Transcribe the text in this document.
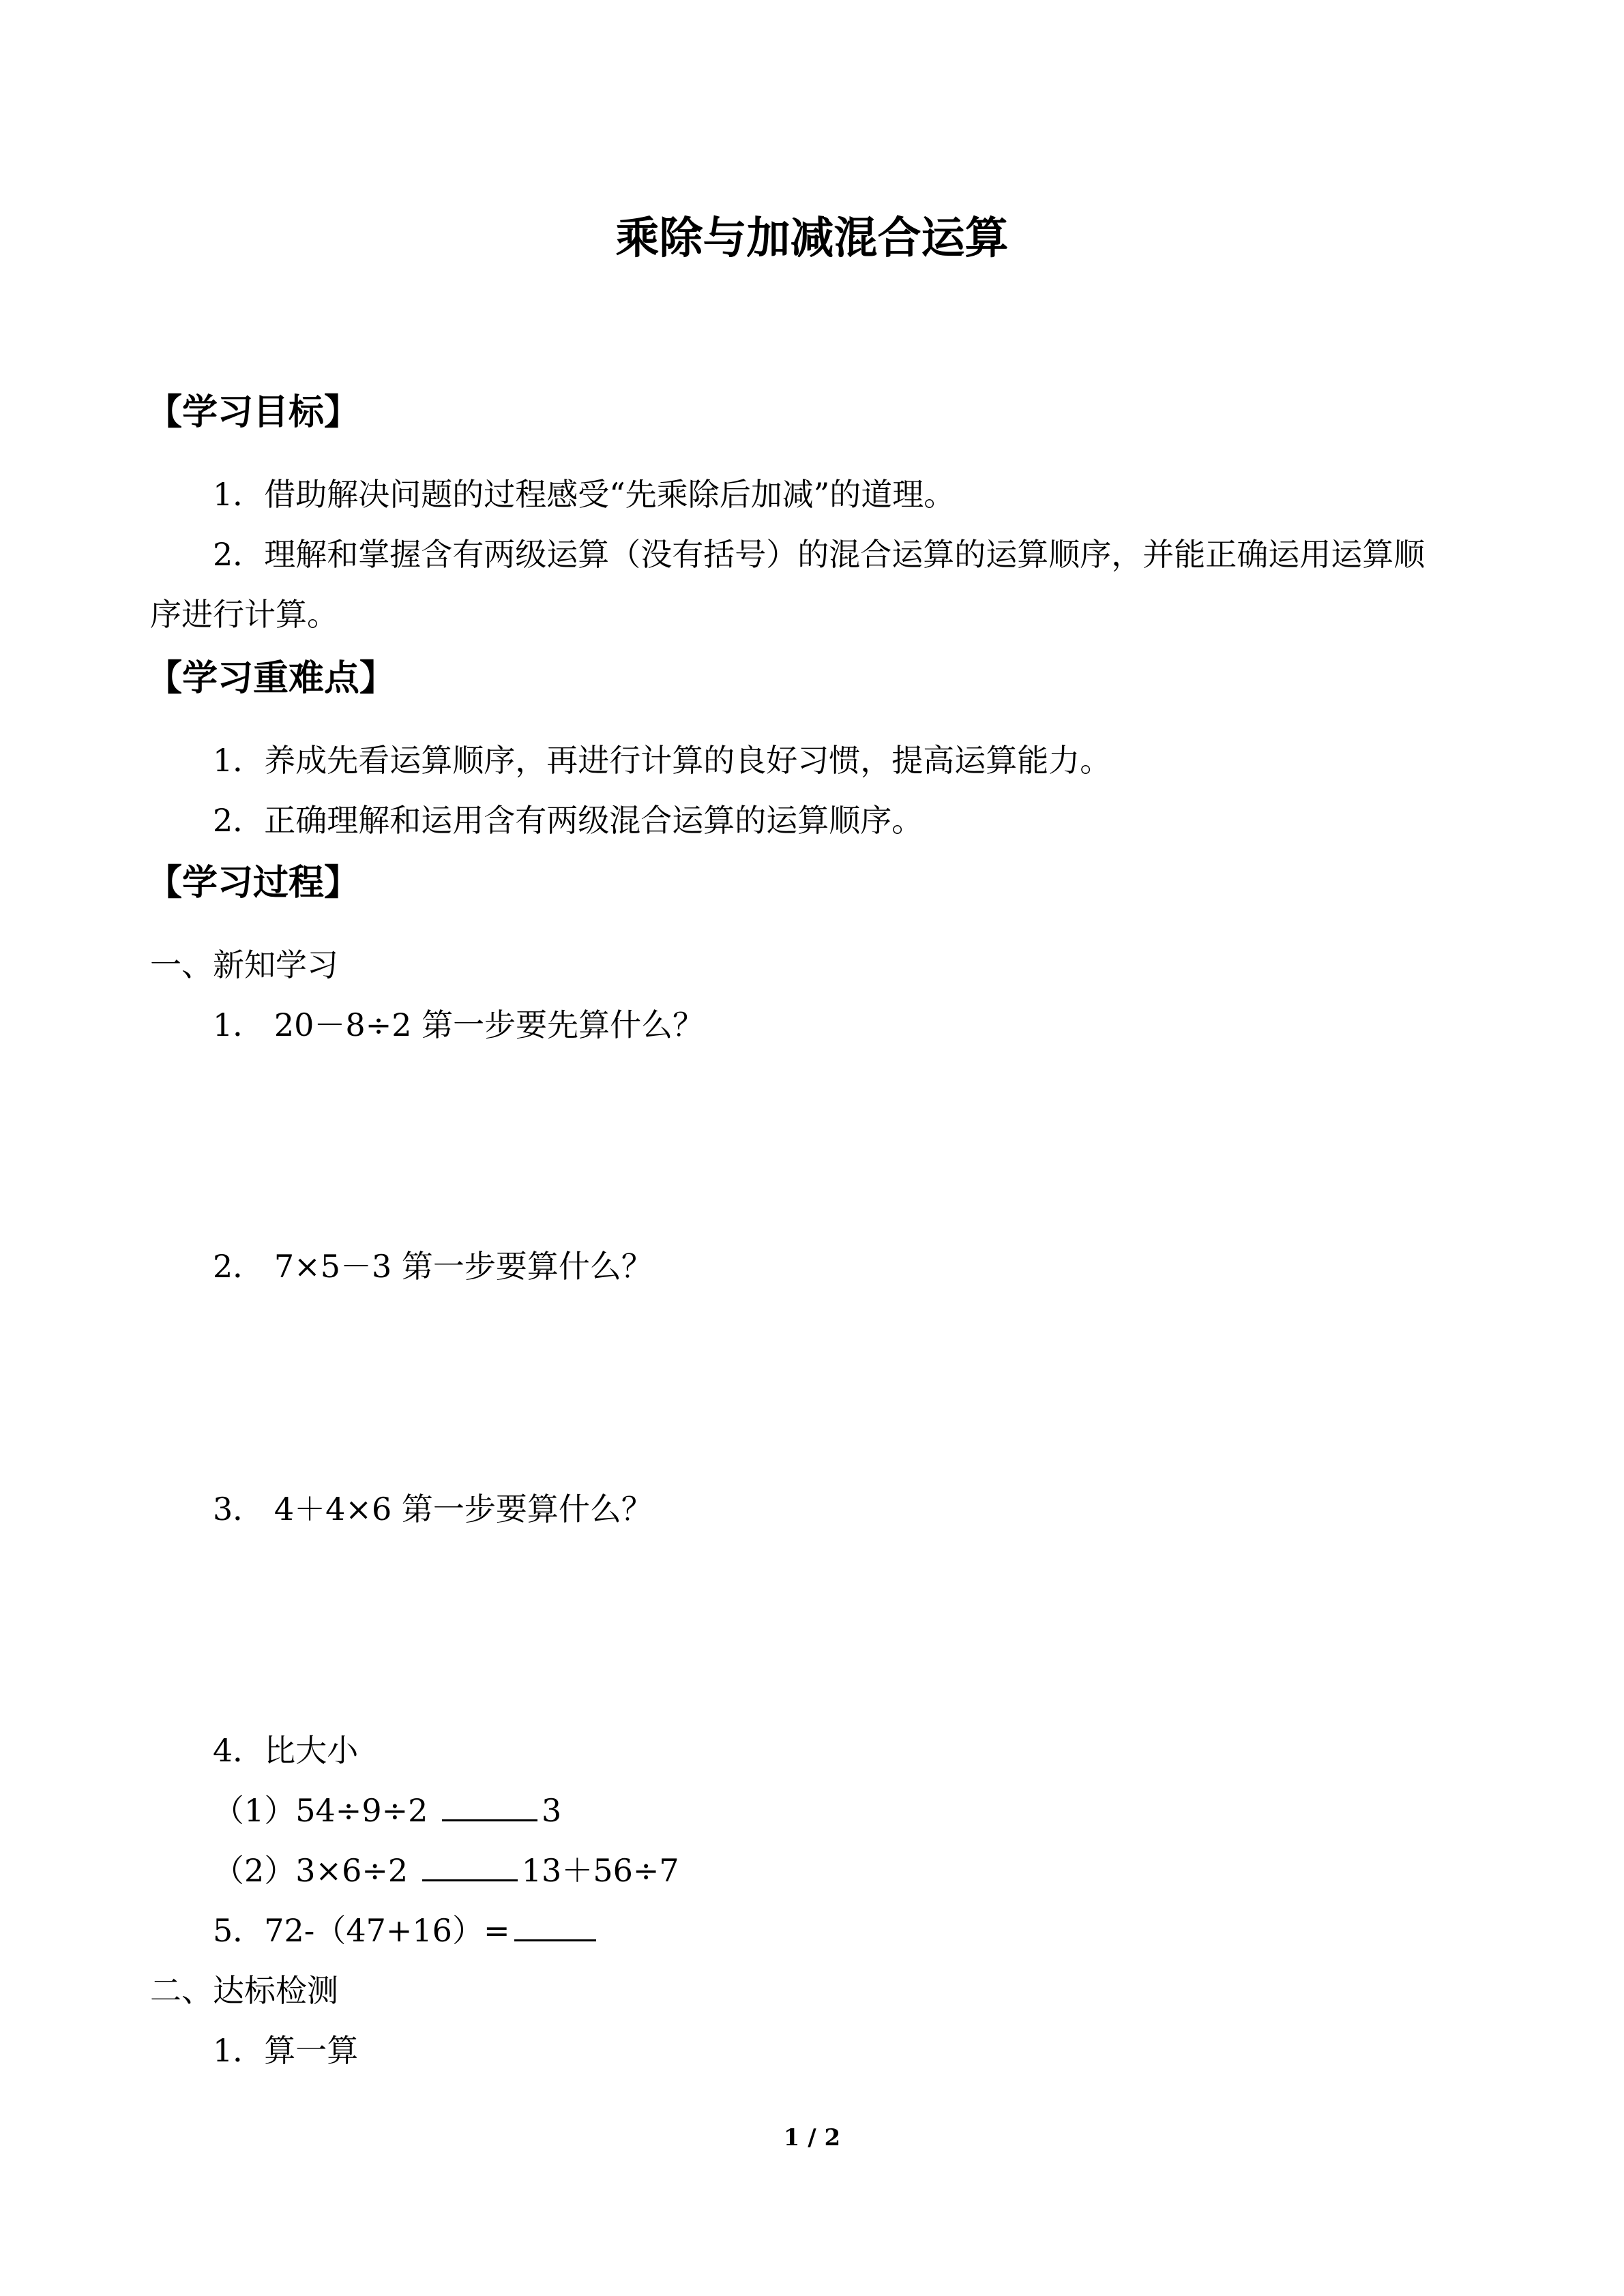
乘除与加减混合运算
【学习目标】
1．借助解决问题的过程感受“先乘除后加减”的道理。
2．理解和掌握含有两级运算（没有括号）的混合运算的运算顺序，并能正确运用运算顺
序进行计算。
【学习重难点】
1．养成先看运算顺序，再进行计算的良好习惯，提高运算能力。
2．正确理解和运用含有两级混合运算的运算顺序。
【学习过程】
一、新知学习
1． 20－8÷2 第一步要先算什么？
2． 7×5－3 第一步要算什么？
3． 4＋4×6 第一步要算什么？
4．比大小
（1）54÷9÷2	3
（2）3×6÷2	13＋56÷7
5．72-（47+16）=
二、达标检测
1．算一算
1 / 2
